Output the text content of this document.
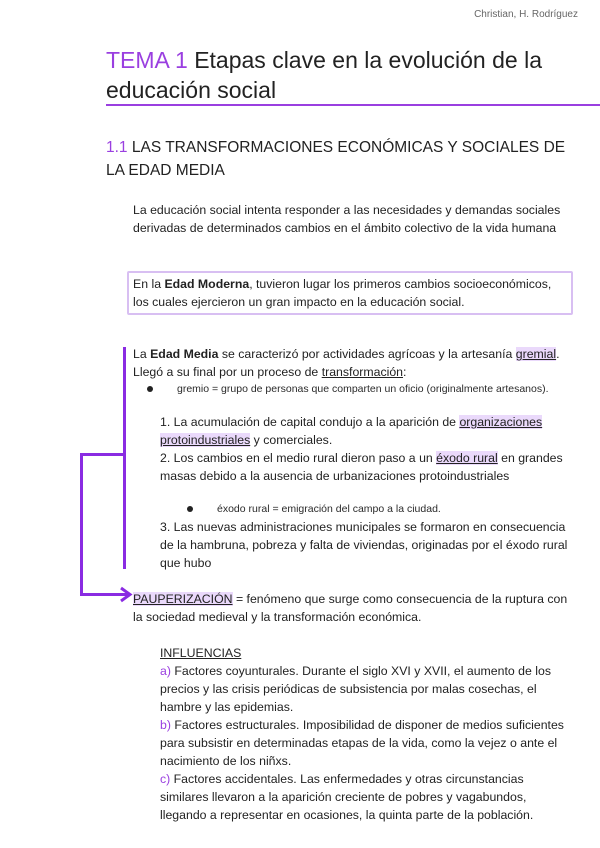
Christian, H. Rodríguez
TEMA 1 Etapas clave en la evolución de la educación social
1.1 LAS TRANSFORMACIONES ECONÓMICAS Y SOCIALES DE LA EDAD MEDIA
La educación social intenta responder a las necesidades y demandas sociales derivadas de determinados cambios en el ámbito colectivo de la vida humana
En la Edad Moderna, tuvieron lugar los primeros cambios socioeconómicos, los cuales ejercieron un gran impacto en la educación social.
La Edad Media se caracterizó por actividades agrícoas y la artesanía gremial. Llegó a su final por un proceso de transformación:
gremio = grupo de personas que comparten un oficio (originalmente artesanos).
1. La acumulación de capital condujo a la aparición de organizaciones protoindustriales y comerciales.
2. Los cambios en el medio rural dieron paso a un éxodo rural en grandes masas debido a la ausencia de urbanizaciones protoindustriales
éxodo rural = emigración del campo a la ciudad.
3. Las nuevas administraciones municipales se formaron en consecuencia de la hambruna, pobreza y falta de viviendas, originadas por el éxodo rural que hubo
PAUPERIZACIÓN = fenómeno que surge como consecuencia de la ruptura con la sociedad medieval y la transformación económica.
INFLUENCIAS
a) Factores coyunturales. Durante el siglo XVI y XVII, el aumento de los precios y las crisis periódicas de subsistencia por malas cosechas, el hambre y las epidemias.
b) Factores estructurales. Imposibilidad de disponer de medios suficientes para subsistir en determinadas etapas de la vida, como la vejez o ante el nacimiento de los niñxs.
c) Factores accidentales. Las enfermedades y otras circunstancias similares llevaron a la aparición creciente de pobres y vagabundos, llegando a representar en ocasiones, la quinta parte de la población.
